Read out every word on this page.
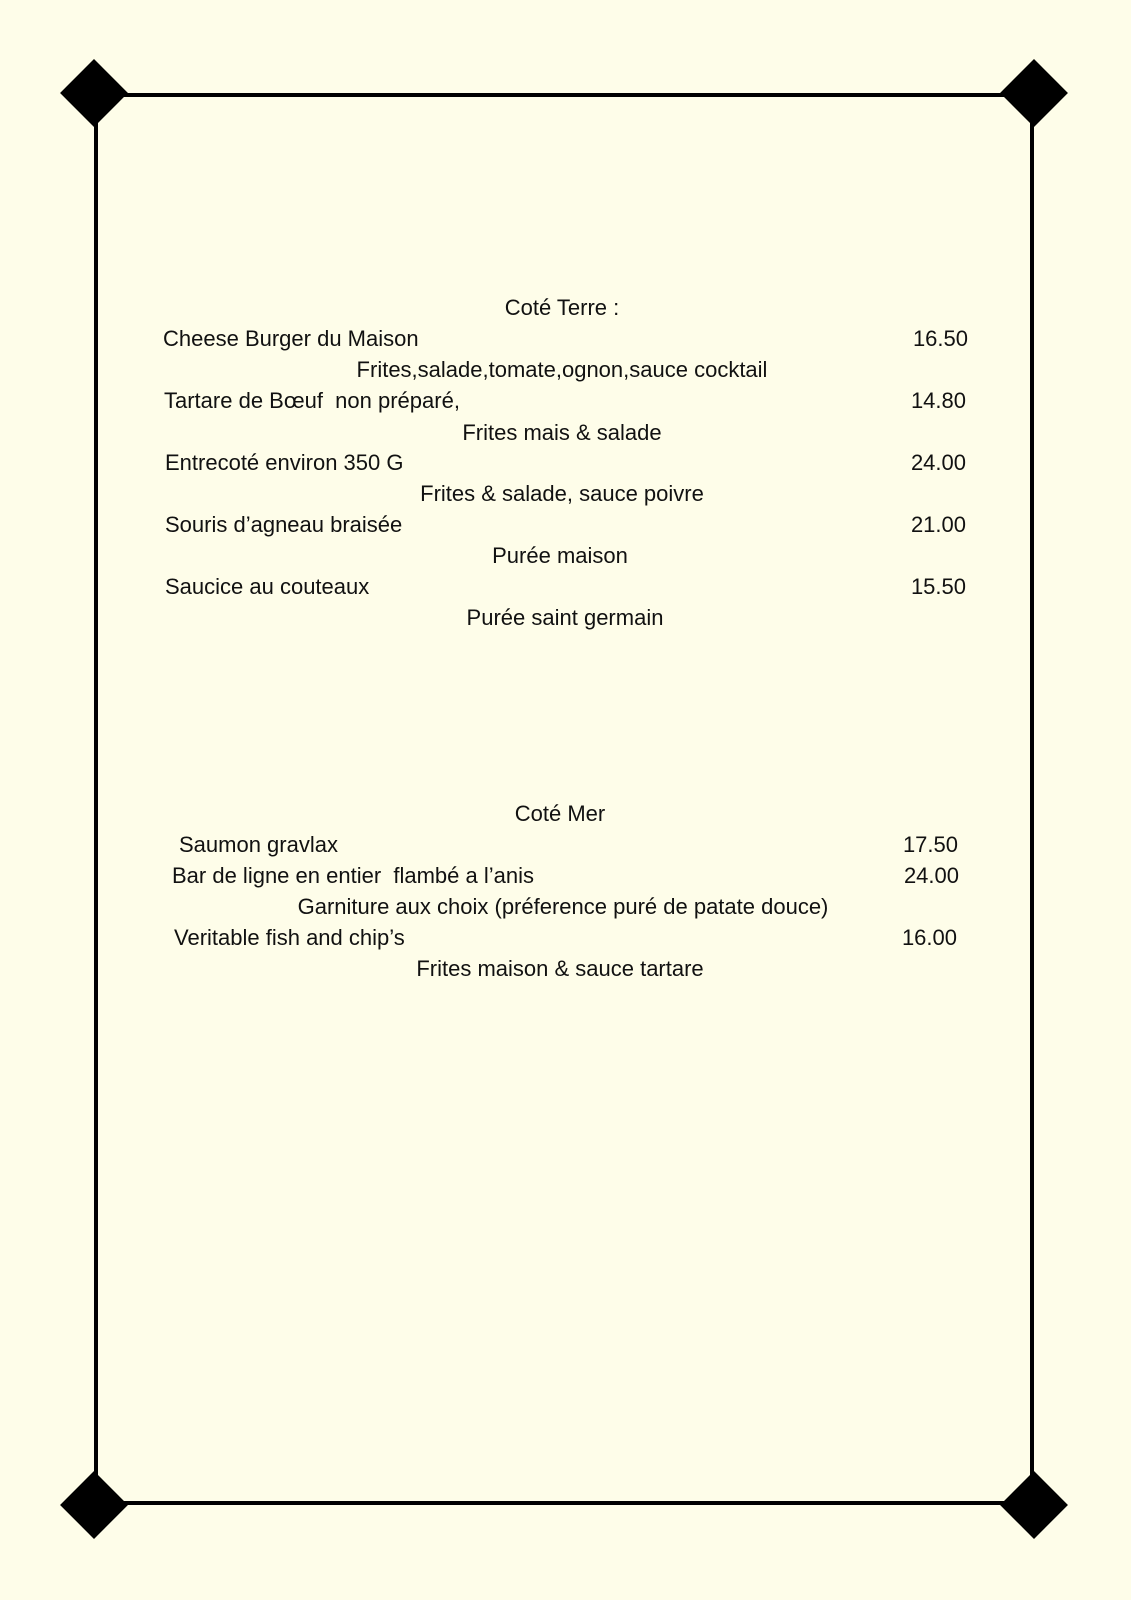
Coté Terre :
Cheese Burger du Maison	16.50
Frites,salade,tomate,ognon,sauce cocktail
Tartare de Bœuf  non préparé,	14.80
Frites mais & salade
Entrecoté environ 350 G	24.00
Frites & salade, sauce poivre
Souris d’agneau braisée	21.00
Purée maison
Saucice au couteaux	15.50
Purée saint germain
Coté Mer
Saumon gravlax	17.50
Bar de ligne en entier  flambé a l’anis	24.00
Garniture aux choix (préference puré de patate douce)
Veritable fish and chip’s	16.00
Frites maison & sauce tartare
